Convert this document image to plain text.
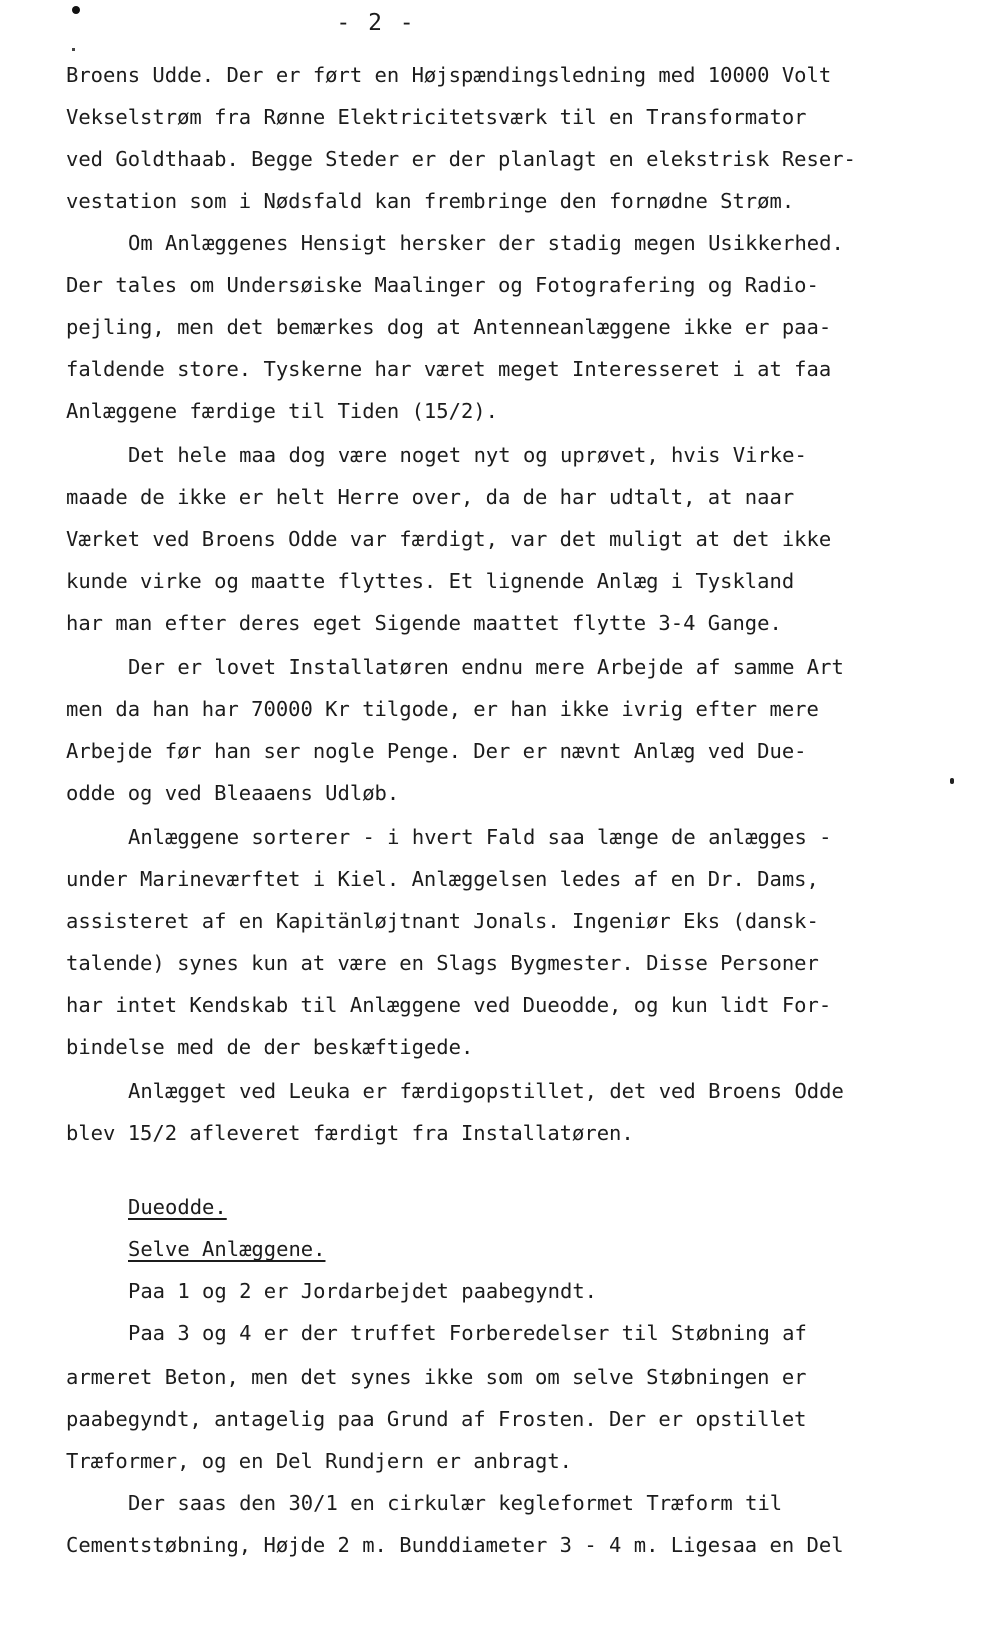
- 2 -
Broens Udde. Der er ført en Højspændingsledning med 10000 Volt
Vekselstrøm fra Rønne Elektricitetsværk til en Transformator
ved Goldthaab. Begge Steder er der planlagt en elekstrisk Reser-
vestation som i Nødsfald kan frembringe den fornødne Strøm.
Om Anlæggenes Hensigt hersker der stadig megen Usikkerhed.
Der tales om Undersøiske Maalinger og Fotografering og Radio-
pejling, men det bemærkes dog at Antenneanlæggene ikke er paa-
faldende store. Tyskerne har været meget Interesseret i at faa
Anlæggene færdige til Tiden (15/2).
Det hele maa dog være noget nyt og uprøvet, hvis Virke-
maade de ikke er helt Herre over, da de har udtalt, at naar
Værket ved Broens Odde var færdigt, var det muligt at det ikke
kunde virke og maatte flyttes. Et lignende Anlæg i Tyskland
har man efter deres eget Sigende maattet flytte 3-4 Gange.
Der er lovet Installatøren endnu mere Arbejde af samme Art
men da han har 70000 Kr tilgode, er han ikke ivrig efter mere
Arbejde før han ser nogle Penge. Der er nævnt Anlæg ved Due-
odde og ved Bleaaens Udløb.
Anlæggene sorterer - i hvert Fald saa længe de anlægges -
under Marineværftet i Kiel. Anlæggelsen ledes af en Dr. Dams,
assisteret af en Kapitänløjtnant Jonals. Ingeniør Eks (dansk-
talende) synes kun at være en Slags Bygmester. Disse Personer
har intet Kendskab til Anlæggene ved Dueodde, og kun lidt For-
bindelse med de der beskæftigede.
Anlægget ved Leuka er færdigopstillet, det ved Broens Odde
blev 15/2 afleveret færdigt fra Installatøren.
Dueodde.
Selve Anlæggene.
Paa 1 og 2 er Jordarbejdet paabegyndt.
Paa 3 og 4 er der truffet Forberedelser til Støbning af
armeret Beton, men det synes ikke som om selve Støbningen er
paabegyndt, antagelig paa Grund af Frosten. Der er opstillet
Træformer, og en Del Rundjern er anbragt.
Der saas den 30/1 en cirkulær kegleformet Træform til
Cementstøbning, Højde 2 m. Bunddiameter 3 - 4 m. Ligesaa en Del
